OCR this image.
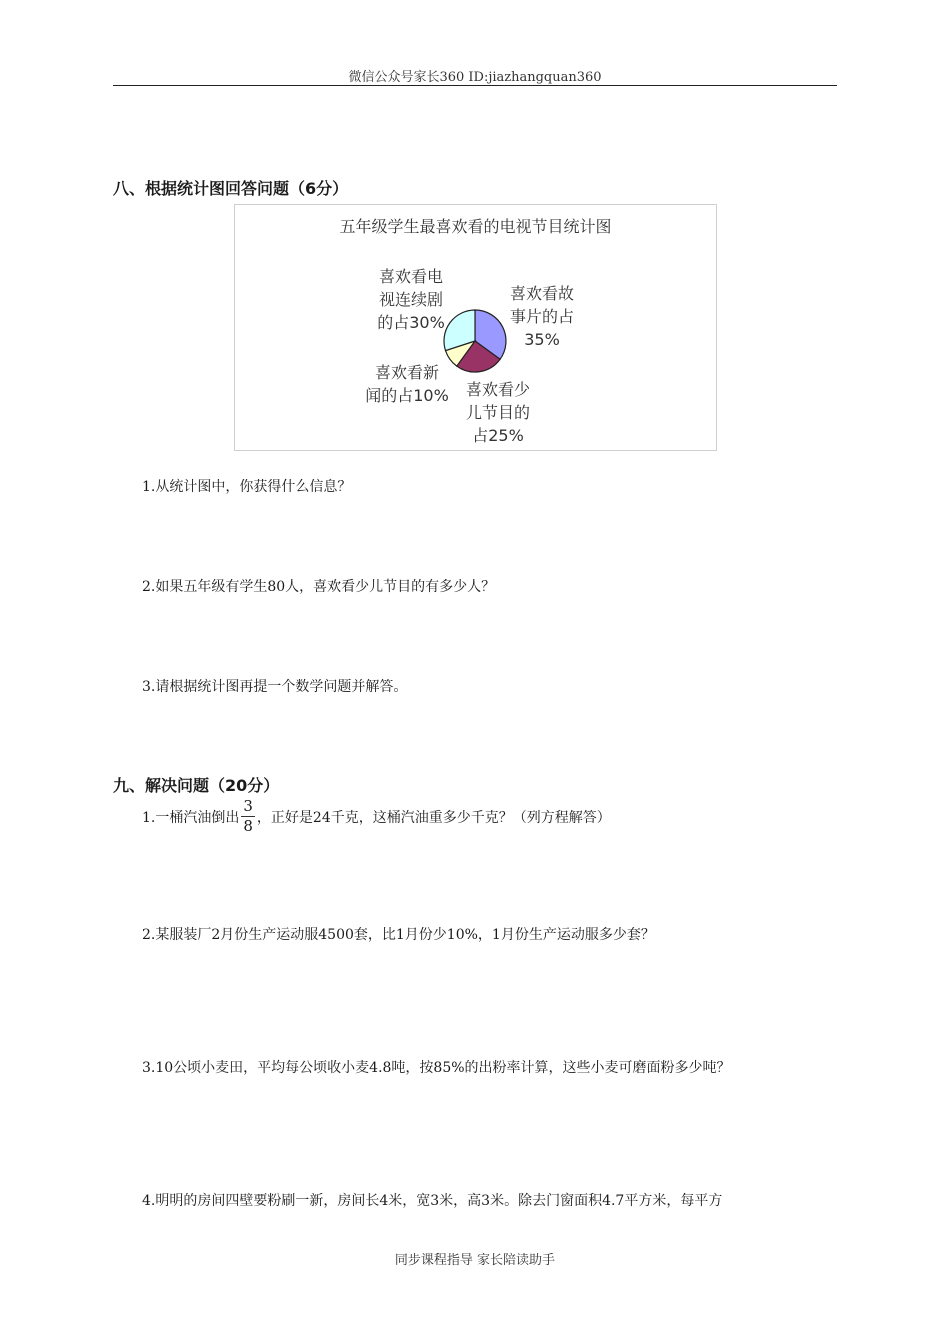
微信公众号家长360 ID:jiazhangquan360
八、根据统计图回答问题（6分）
五年级学生最喜欢看的电视节目统计图
喜欢看电
视连续剧
的占30%
喜欢看故
事片的占
35%
喜欢看新
闻的占10%	喜欢看少
儿节目的
占25%
1.从统计图中，你获得什么信息？
2.如果五年级有学生80人，喜欢看少儿节目的有多少人？
3.请根据统计图再提一个数学问题并解答。
九、解决问题（20分）
1.一桶汽油倒出 $\frac{3}{8}$ ，正好是24千克，这桶汽油重多少千克？（列方程解答）
2.某服装厂2月份生产运动服4500套，比1月份少10%，1月份生产运动服多少套？
3.10公顷小麦田，平均每公顷收小麦4.8吨，按85%的出粉率计算，这些小麦可磨面粉多少吨？
4.明明的房间四壁要粉刷一新，房间长4米，宽3米，高3米。除去门窗面积4.7平方米，每平方
同步课程指导 家长陪读助手
